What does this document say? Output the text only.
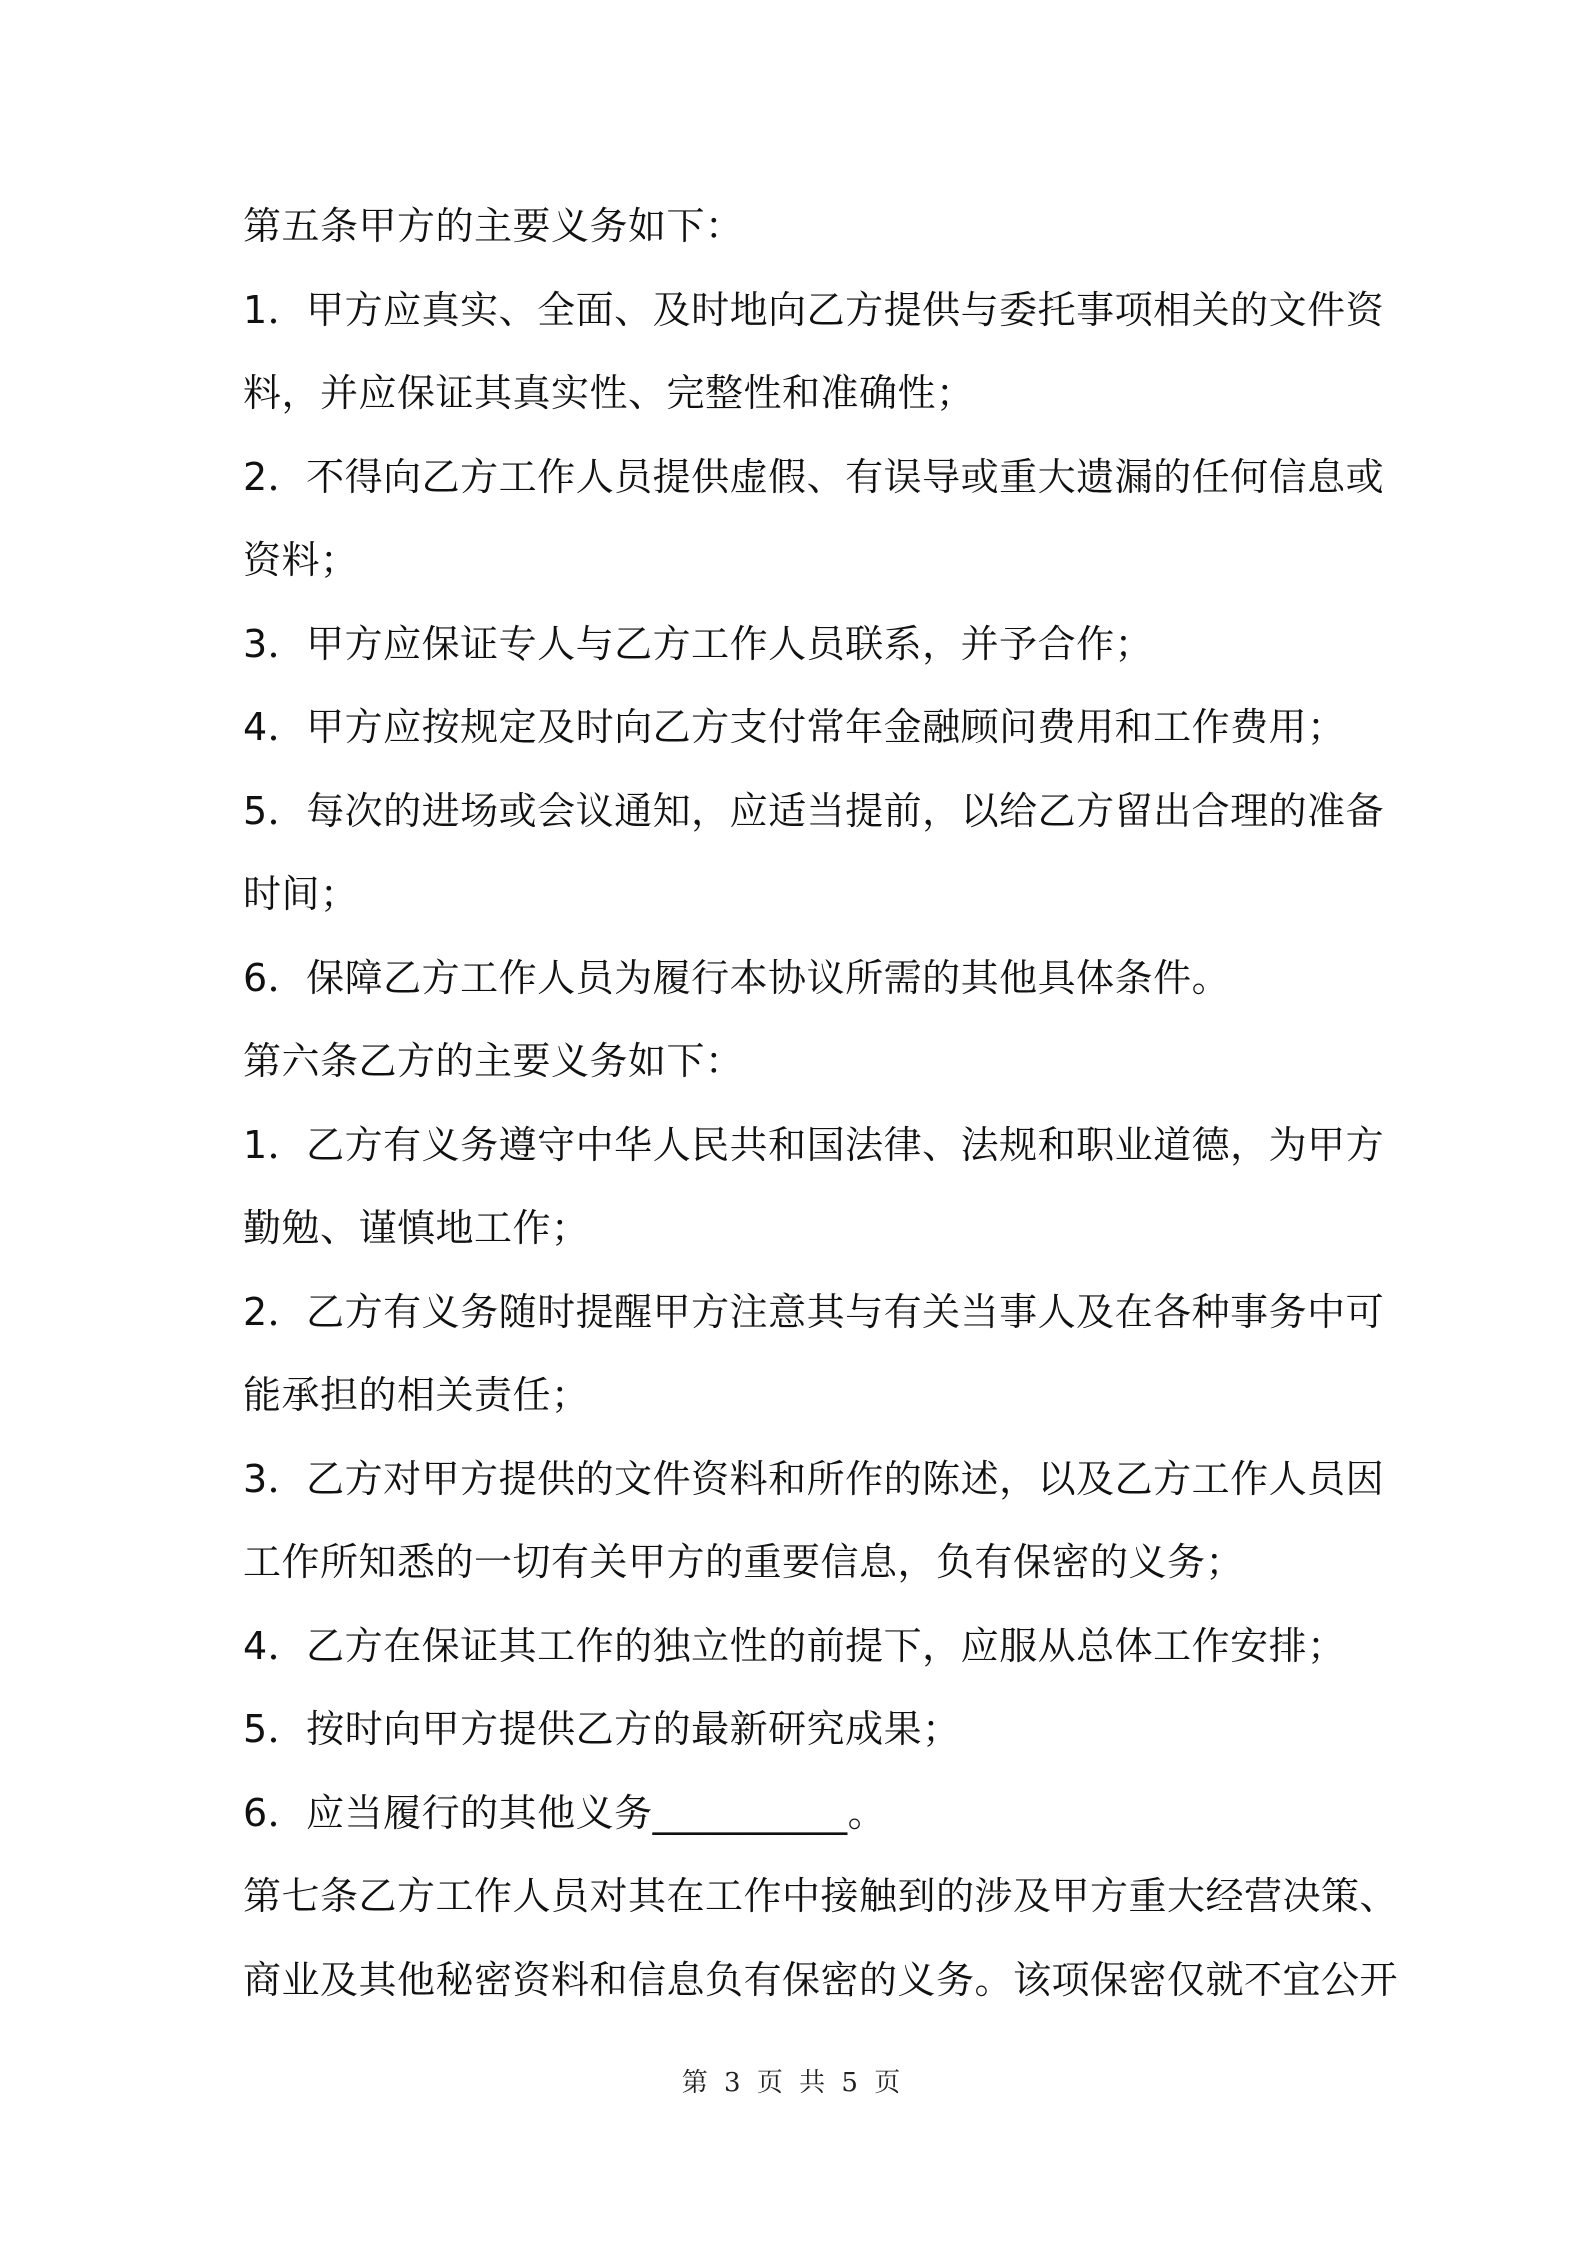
第五条甲方的主要义务如下：
1．甲方应真实、全面、及时地向乙方提供与委托事项相关的文件资
料，并应保证其真实性、完整性和准确性；
2．不得向乙方工作人员提供虚假、有误导或重大遗漏的任何信息或
资料；
3．甲方应保证专人与乙方工作人员联系，并予合作；
4．甲方应按规定及时向乙方支付常年金融顾问费用和工作费用；
5．每次的进场或会议通知，应适当提前，以给乙方留出合理的准备
时间；
6．保障乙方工作人员为履行本协议所需的其他具体条件。
第六条乙方的主要义务如下：
1．乙方有义务遵守中华人民共和国法律、法规和职业道德，为甲方
勤勉、谨慎地工作；
2．乙方有义务随时提醒甲方注意其与有关当事人及在各种事务中可
能承担的相关责任；
3．乙方对甲方提供的文件资料和所作的陈述，以及乙方工作人员因
工作所知悉的一切有关甲方的重要信息，负有保密的义务；
4．乙方在保证其工作的独立性的前提下，应服从总体工作安排；
5．按时向甲方提供乙方的最新研究成果；
6．应当履行的其他义务__________。
第七条乙方工作人员对其在工作中接触到的涉及甲方重大经营决策、
商业及其他秘密资料和信息负有保密的义务。该项保密仅就不宜公开
第 3 页 共 5 页
